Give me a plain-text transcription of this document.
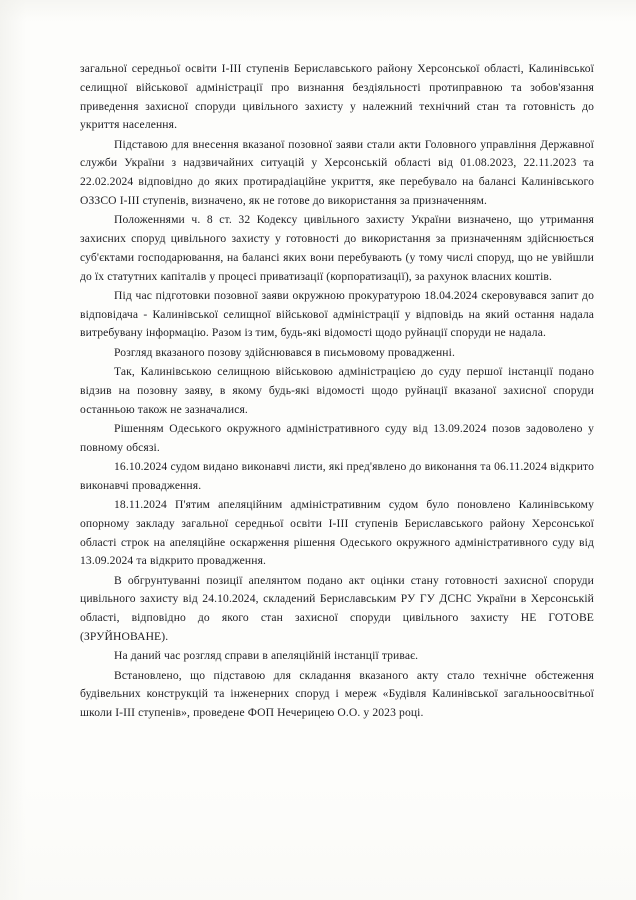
загальної середньої освіти I-III ступенів Бериславського району Херсонської області, Калинівської селищної військової адміністрації про визнання бездіяльності протиправною та зобов'язання приведення захисної споруди цивільного захисту у належний технічний стан та готовність до укриття населення.

Підставою для внесення вказаної позовної заяви стали акти Головного управління Державної служби України з надзвичайних ситуацій у Херсонській області від 01.08.2023, 22.11.2023 та 22.02.2024 відповідно до яких протирадіаційне укриття, яке перебувало на балансі Калинівського ОЗЗСО I-III ступенів, визначено, як не готове до використання за призначенням.

Положеннями ч. 8 ст. 32 Кодексу цивільного захисту України визначено, що утримання захисних споруд цивільного захисту у готовності до використання за призначенням здійснюється суб'єктами господарювання, на балансі яких вони перебувають (у тому числі споруд, що не увійшли до їх статутних капіталів у процесі приватизації (корпоратизації), за рахунок власних коштів.

Під час підготовки позовної заяви окружною прокуратурою 18.04.2024 скеровувався запит до відповідача - Калинівської селищної військової адміністрації у відповідь на який остання надала витребувану інформацію. Разом із тим, будь-які відомості щодо руйнації споруди не надала.

Розгляд вказаного позову здійснювався в письмовому провадженні.

Так, Калинівською селищною військовою адміністрацією до суду першої інстанції подано відзив на позовну заяву, в якому будь-які відомості щодо руйнації вказаної захисної споруди останньою також не зазначалися.

Рішенням Одеського окружного адміністративного суду від 13.09.2024 позов задоволено у повному обсязі.

16.10.2024 судом видано виконавчі листи, які пред'явлено до виконання та 06.11.2024 відкрито виконавчі провадження.

18.11.2024 П'ятим апеляційним адміністративним судом було поновлено Калинівському опорному закладу загальної середньої освіти I-III ступенів Бериславського району Херсонської області строк на апеляційне оскарження рішення Одеського окружного адміністративного суду від 13.09.2024 та відкрито провадження.

В обгрунтуванні позиції апелянтом подано акт оцінки стану готовності захисної споруди цивільного захисту від 24.10.2024, складений Бериславським РУ ГУ ДСНС України в Херсонській області, відповідно до якого стан захисної споруди цивільного захисту НЕ ГОТОВЕ (ЗРУЙНОВАНЕ).

На даний час розгляд справи в апеляційній інстанції триває.

Встановлено, що підставою для складання вказаного акту стало технічне обстеження будівельних конструкцій та інженерних споруд і мереж «Будівля Калинівської загальноосвітньої школи I-III ступенів», проведене ФОП Нечерицею О.О. у 2023 році.
